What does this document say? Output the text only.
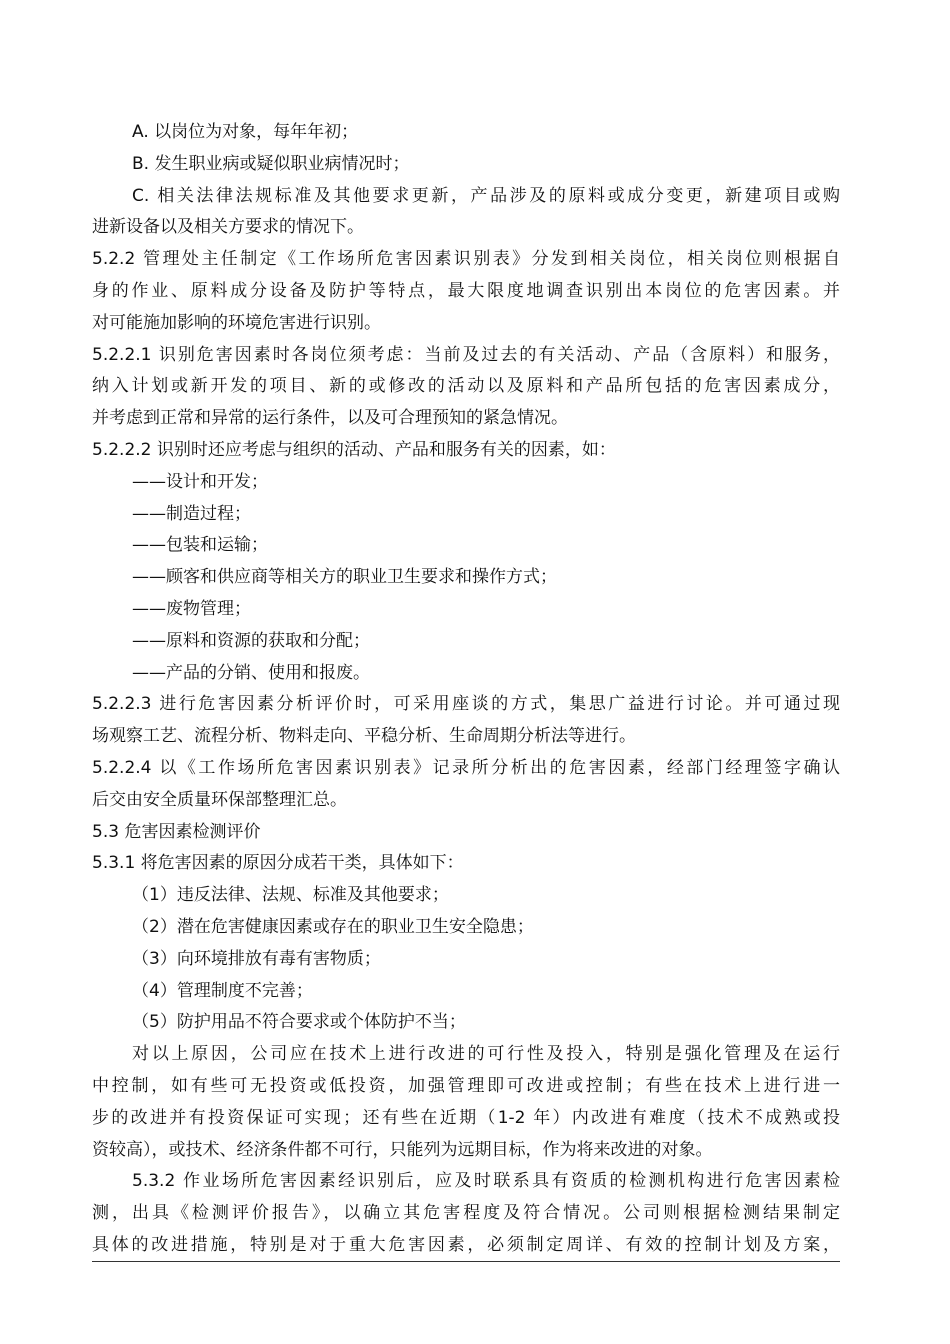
A. 以岗位为对象，每年年初；
B. 发生职业病或疑似职业病情况时；
C. 相关法律法规标准及其他要求更新，产品涉及的原料或成分变更，新建项目或购
进新设备以及相关方要求的情况下。
5.2.2 管理处主任制定《工作场所危害因素识别表》分发到相关岗位，相关岗位则根据自
身的作业、原料成分设备及防护等特点，最大限度地调查识别出本岗位的危害因素。并
对可能施加影响的环境危害进行识别。
5.2.2.1 识别危害因素时各岗位须考虑：当前及过去的有关活动、产品（含原料）和服务，
纳入计划或新开发的项目、新的或修改的活动以及原料和产品所包括的危害因素成分，
并考虑到正常和异常的运行条件，以及可合理预知的紧急情况。
5.2.2.2 识别时还应考虑与组织的活动、产品和服务有关的因素，如：
——设计和开发；
——制造过程；
——包装和运输；
——顾客和供应商等相关方的职业卫生要求和操作方式；
——废物管理；
——原料和资源的获取和分配；
——产品的分销、使用和报废。
5.2.2.3 进行危害因素分析评价时，可采用座谈的方式，集思广益进行讨论。并可通过现
场观察工艺、流程分析、物料走向、平稳分析、生命周期分析法等进行。
5.2.2.4 以《工作场所危害因素识别表》记录所分析出的危害因素，经部门经理签字确认
后交由安全质量环保部整理汇总。
5.3 危害因素检测评价
5.3.1 将危害因素的原因分成若干类，具体如下：
（1）违反法律、法规、标准及其他要求；
（2）潜在危害健康因素或存在的职业卫生安全隐患；
（3）向环境排放有毒有害物质；
（4）管理制度不完善；
（5）防护用品不符合要求或个体防护不当；
对以上原因，公司应在技术上进行改进的可行性及投入，特别是强化管理及在运行
中控制，如有些可无投资或低投资，加强管理即可改进或控制；有些在技术上进行进一
步的改进并有投资保证可实现；还有些在近期（1-2 年）内改进有难度（技术不成熟或投
资较高），或技术、经济条件都不可行，只能列为远期目标，作为将来改进的对象。
5.3.2 作业场所危害因素经识别后，应及时联系具有资质的检测机构进行危害因素检
测，出具《检测评价报告》，以确立其危害程度及符合情况。公司则根据检测结果制定
具体的改进措施，特别是对于重大危害因素，必须制定周详、有效的控制计划及方案，
